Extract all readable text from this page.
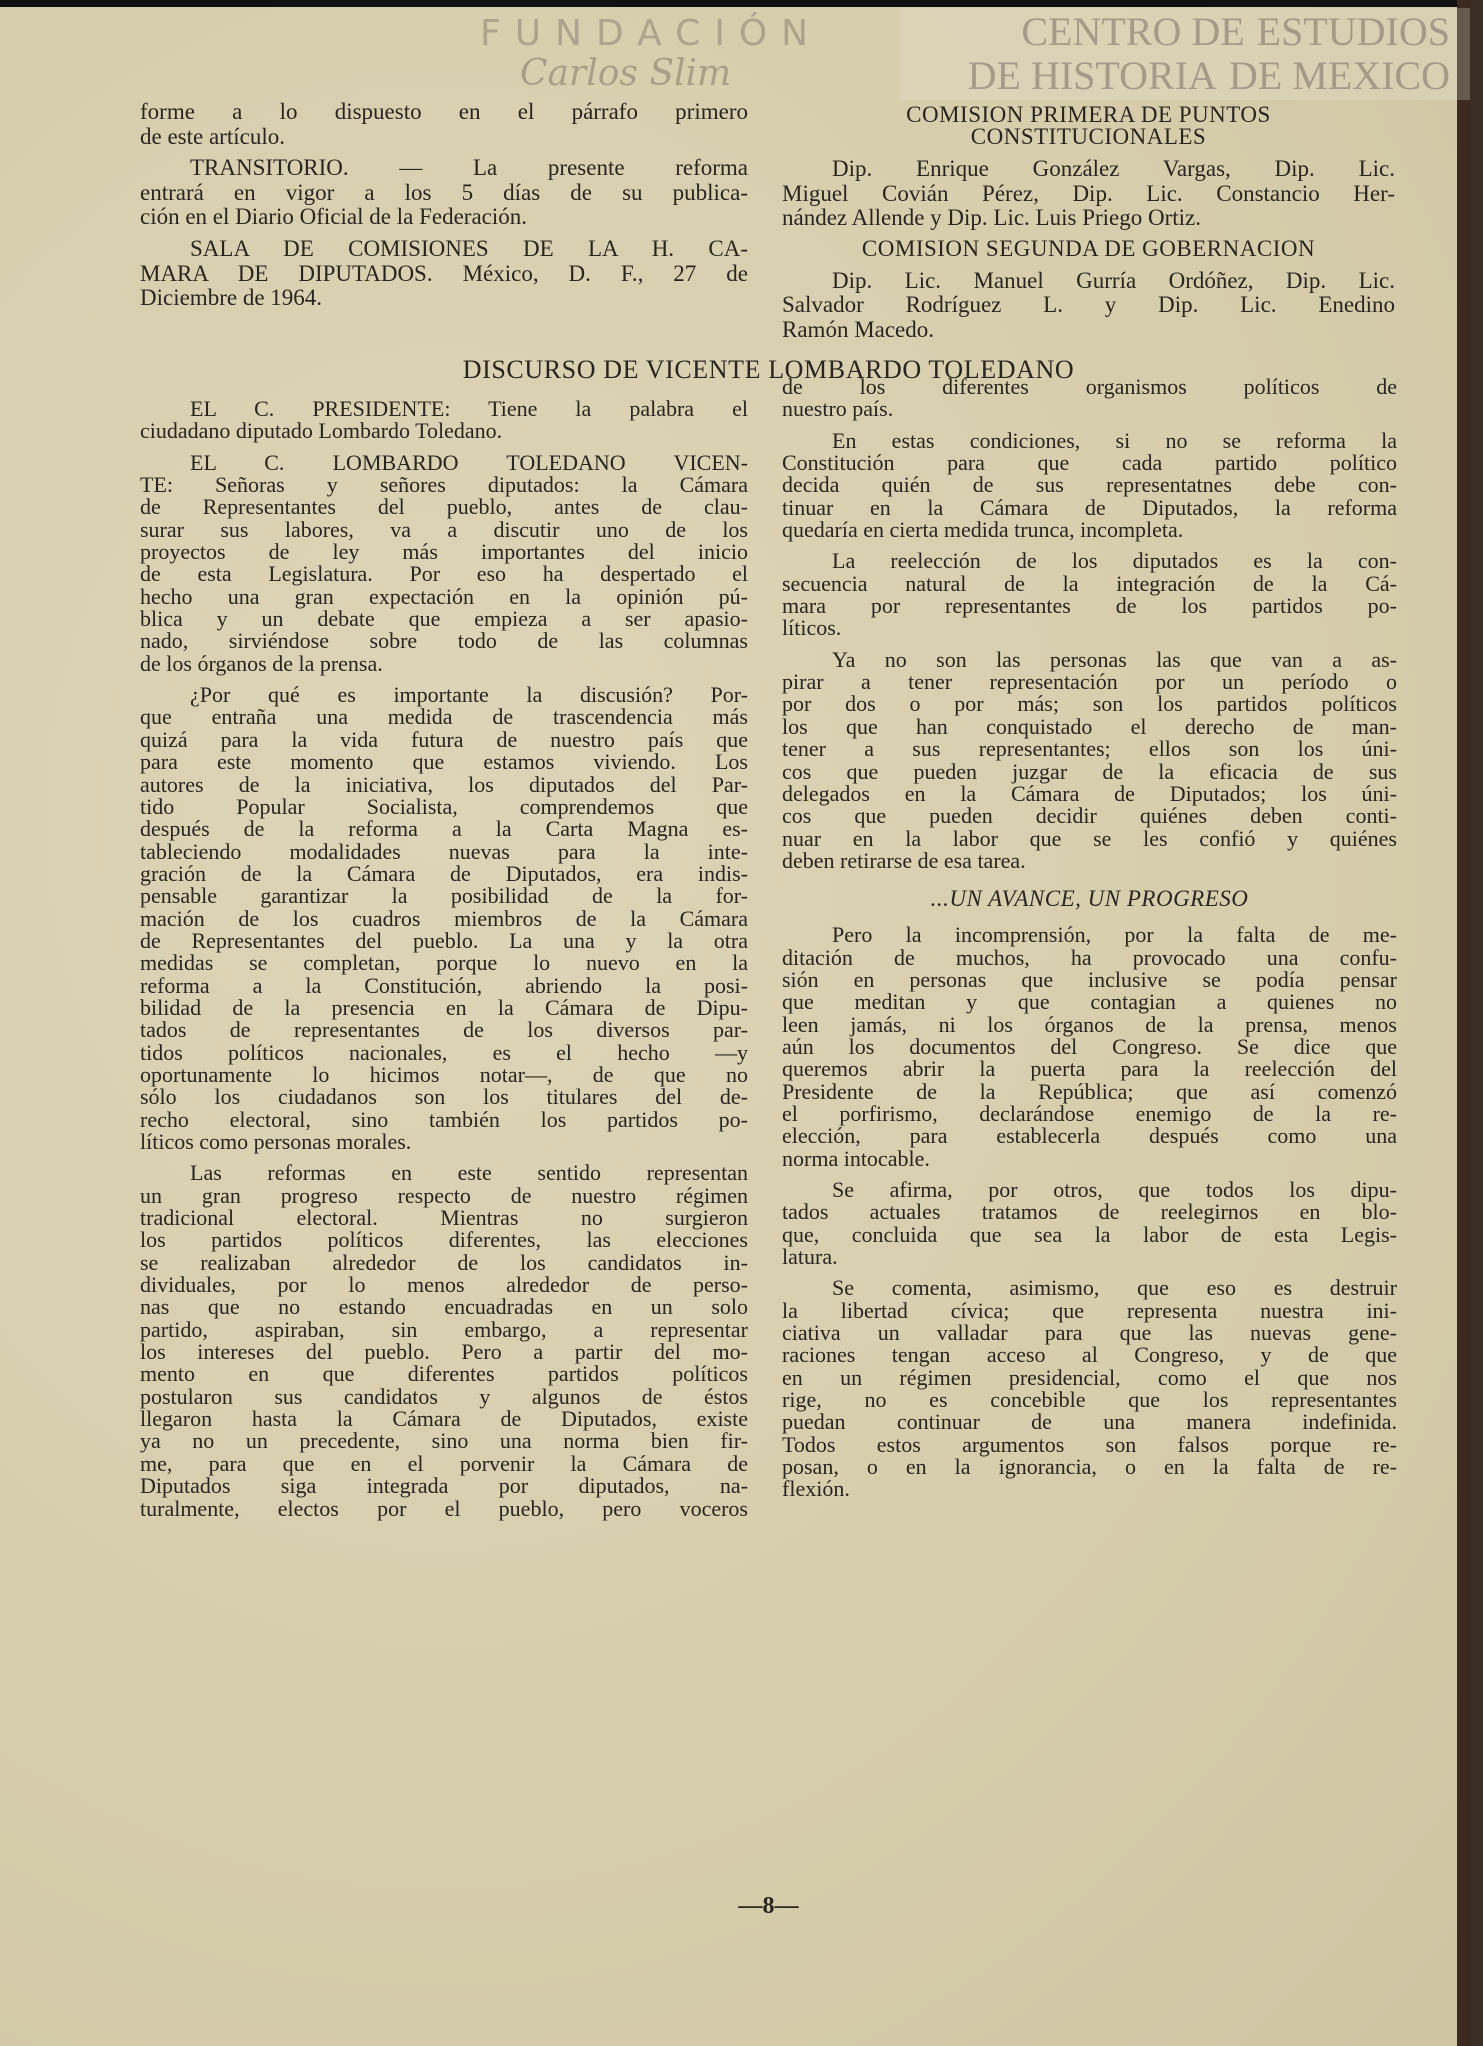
forme a lo dispuesto en el párrafo primero
de este artículo.
TRANSITORIO. — La presente reforma
entrará en vigor a los 5 días de su publica-
ción en el Diario Oficial de la Federación.
SALA DE COMISIONES DE LA H. CA-
MARA DE DIPUTADOS. México, D. F., 27 de
Diciembre de 1964.
COMISION PRIMERA DE PUNTOS
CONSTITUCIONALES
Dip. Enrique González Vargas, Dip. Lic.
Miguel Covián Pérez, Dip. Lic. Constancio Her-
nández Allende y Dip. Lic. Luis Priego Ortiz.
COMISION SEGUNDA DE GOBERNACION
Dip. Lic. Manuel Gurría Ordóñez, Dip. Lic.
Salvador Rodríguez L. y Dip. Lic. Enedino
Ramón Macedo.
DISCURSO DE VICENTE LOMBARDO TOLEDANO
EL C. PRESIDENTE: Tiene la palabra el
ciudadano diputado Lombardo Toledano.
EL C. LOMBARDO TOLEDANO VICEN-
TE: Señoras y señores diputados: la Cámara
de Representantes del pueblo, antes de clau-
surar sus labores, va a discutir uno de los
proyectos de ley más importantes del inicio
de esta Legislatura. Por eso ha despertado el
hecho una gran expectación en la opinión pú-
blica y un debate que empieza a ser apasio-
nado, sirviéndose sobre todo de las columnas
de los órganos de la prensa.
¿Por qué es importante la discusión? Por-
que entraña una medida de trascendencia más
quizá para la vida futura de nuestro país que
para este momento que estamos viviendo. Los
autores de la iniciativa, los diputados del Par-
tido Popular Socialista, comprendemos que
después de la reforma a la Carta Magna es-
tableciendo modalidades nuevas para la inte-
gración de la Cámara de Diputados, era indis-
pensable garantizar la posibilidad de la for-
mación de los cuadros miembros de la Cámara
de Representantes del pueblo. La una y la otra
medidas se completan, porque lo nuevo en la
reforma a la Constitución, abriendo la posi-
bilidad de la presencia en la Cámara de Dipu-
tados de representantes de los diversos par-
tidos políticos nacionales, es el hecho —y
oportunamente lo hicimos notar—, de que no
sólo los ciudadanos son los titulares del de-
recho electoral, sino también los partidos po-
líticos como personas morales.
Las reformas en este sentido representan
un gran progreso respecto de nuestro régimen
tradicional electoral. Mientras no surgieron
los partidos políticos diferentes, las elecciones
se realizaban alrededor de los candidatos in-
dividuales, por lo menos alrededor de perso-
nas que no estando encuadradas en un solo
partido, aspiraban, sin embargo, a representar
los intereses del pueblo. Pero a partir del mo-
mento en que diferentes partidos políticos
postularon sus candidatos y algunos de éstos
llegaron hasta la Cámara de Diputados, existe
ya no un precedente, sino una norma bien fir-
me, para que en el porvenir la Cámara de
Diputados siga integrada por diputados, na-
turalmente, electos por el pueblo, pero voceros
de los diferentes organismos políticos de
nuestro país.
En estas condiciones, si no se reforma la
Constitución para que cada partido político
decida quién de sus representatnes debe con-
tinuar en la Cámara de Diputados, la reforma
quedaría en cierta medida trunca, incompleta.
La reelección de los diputados es la con-
secuencia natural de la integración de la Cá-
mara por representantes de los partidos po-
líticos.
Ya no son las personas las que van a as-
pirar a tener representación por un período o
por dos o por más; son los partidos políticos
los que han conquistado el derecho de man-
tener a sus representantes; ellos son los úni-
cos que pueden juzgar de la eficacia de sus
delegados en la Cámara de Diputados; los úni-
cos que pueden decidir quiénes deben conti-
nuar en la labor que se les confió y quiénes
deben retirarse de esa tarea.
...UN AVANCE, UN PROGRESO
Pero la incomprensión, por la falta de me-
ditación de muchos, ha provocado una confu-
sión en personas que inclusive se podía pensar
que meditan y que contagian a quienes no
leen jamás, ni los órganos de la prensa, menos
aún los documentos del Congreso. Se dice que
queremos abrir la puerta para la reelección del
Presidente de la República; que así comenzó
el porfirismo, declarándose enemigo de la re-
elección, para establecerla después como una
norma intocable.
Se afirma, por otros, que todos los dipu-
tados actuales tratamos de reelegirnos en blo-
que, concluida que sea la labor de esta Legis-
latura.
Se comenta, asimismo, que eso es destruir
la libertad cívica; que representa nuestra ini-
ciativa un valladar para que las nuevas gene-
raciones tengan acceso al Congreso, y de que
en un régimen presidencial, como el que nos
rige, no es concebible que los representantes
puedan continuar de una manera indefinida.
Todos estos argumentos son falsos porque re-
posan, o en la ignorancia, o en la falta de re-
flexión.
—8—
CENTRO DE ESTUDIOS
DE HISTORIA DE MEXICO
FUNDACIÓN
Carlos Slim
